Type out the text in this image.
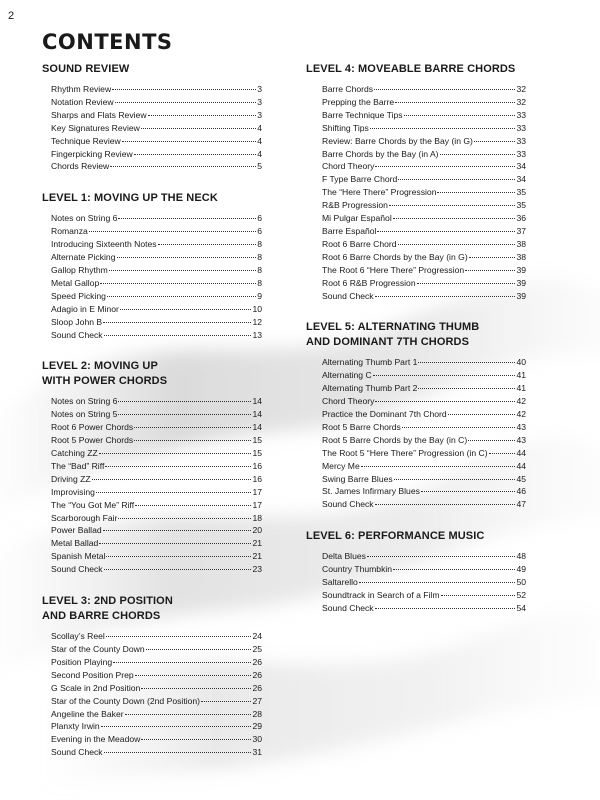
2
CONTENTS
SOUND REVIEW
Rhythm Review	3
Notation Review	3
Sharps and Flats Review	3
Key Signatures Review	4
Technique Review	4
Fingerpicking Review	4
Chords Review	5
LEVEL 1: MOVING UP THE NECK
Notes on String 6	6
Romanza	6
Introducing Sixteenth Notes	8
Alternate Picking	8
Gallop Rhythm	8
Metal Gallop	8
Speed Picking	9
Adagio in E Minor	10
Sloop John B	12
Sound Check	13
LEVEL 2: MOVING UP
WITH POWER CHORDS
Notes on String 6	14
Notes on String 5	14
Root 6 Power Chords	14
Root 5 Power Chords	15
Catching ZZ	15
The “Bad” Riff	16
Driving ZZ	16
Improvising	17
The “You Got Me” Riff	17
Scarborough Fair	18
Power Ballad	20
Metal Ballad	21
Spanish Metal	21
Sound Check	23
LEVEL 3: 2ND POSITION
AND BARRE CHORDS
Scollay’s Reel	24
Star of the County Down	25
Position Playing	26
Second Position Prep	26
G Scale in 2nd Position	26
Star of the County Down (2nd Position)	27
Angeline the Baker	28
Planxty Irwin	29
Evening in the Meadow	30
Sound Check	31
LEVEL 4: MOVEABLE BARRE CHORDS
Barre Chords	32
Prepping the Barre	32
Barre Technique Tips	33
Shifting Tips	33
Review: Barre Chords by the Bay (in G)	33
Barre Chords by the Bay (in A)	33
Chord Theory	34
F Type Barre Chord	34
The “Here There” Progression	35
R&B Progression	35
Mi Pulgar Español	36
Barre Español	37
Root 6 Barre Chord	38
Root 6 Barre Chords by the Bay (in G)	38
The Root 6 “Here There” Progression	39
Root 6 R&B Progression	39
Sound Check	39
LEVEL 5: ALTERNATING THUMB
AND DOMINANT 7TH CHORDS
Alternating Thumb Part 1	40
Alternating C	41
Alternating Thumb Part 2	41
Chord Theory	42
Practice the Dominant 7th Chord	42
Root 5 Barre Chords	43
Root 5 Barre Chords by the Bay (in C)	43
The Root 5 “Here There” Progression (in C)	44
Mercy Me	44
Swing Barre Blues	45
St. James Infirmary Blues	46
Sound Check	47
LEVEL 6: PERFORMANCE MUSIC
Delta Blues	48
Country Thumbkin	49
Saltarello	50
Soundtrack in Search of a Film	52
Sound Check	54
